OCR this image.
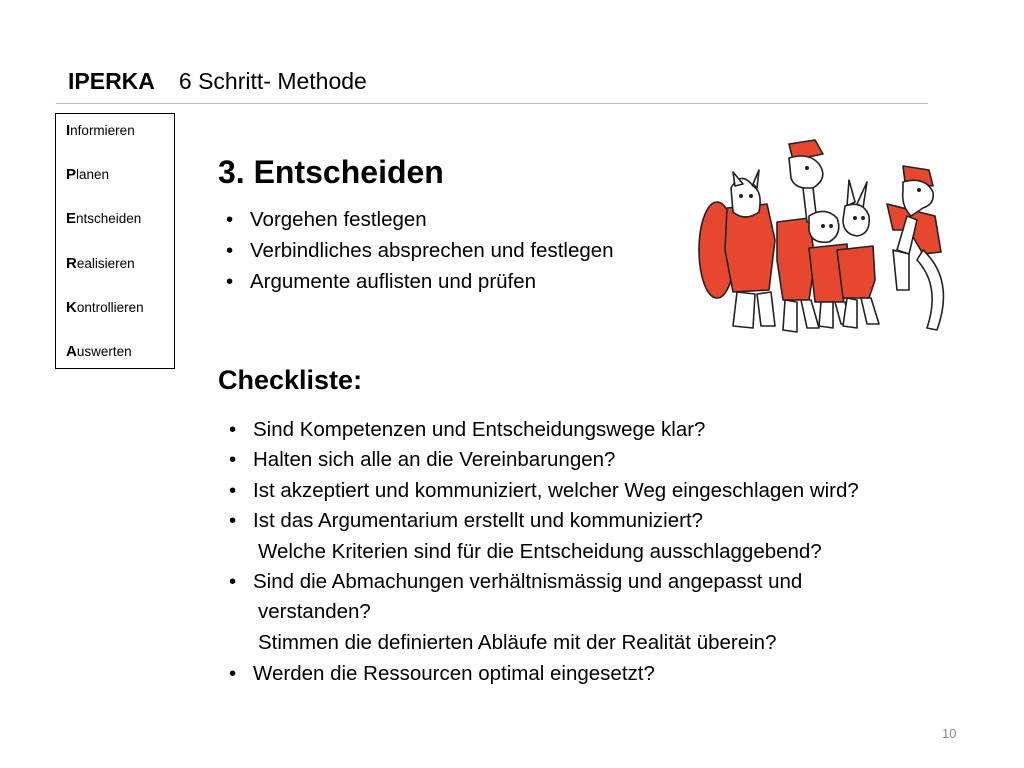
IPERKA 6 Schritt- Methode
Informieren
Planen
Entscheiden
Realisieren
Kontrollieren
Auswerten
3. Entscheiden
• Vorgehen festlegen
• Verbindliches absprechen und festlegen
• Argumente auflisten und prüfen
Checkliste:
• Sind Kompetenzen und Entscheidungswege klar?
• Halten sich alle an die Vereinbarungen?
• Ist akzeptiert und kommuniziert, welcher Weg eingeschlagen wird?
• Ist das Argumentarium erstellt und kommuniziert?
Welche Kriterien sind für die Entscheidung ausschlaggebend?
• Sind die Abmachungen verhältnismässig und angepasst und
verstanden?
Stimmen die definierten Abläufe mit der Realität überein?
• Werden die Ressourcen optimal eingesetzt?
10
